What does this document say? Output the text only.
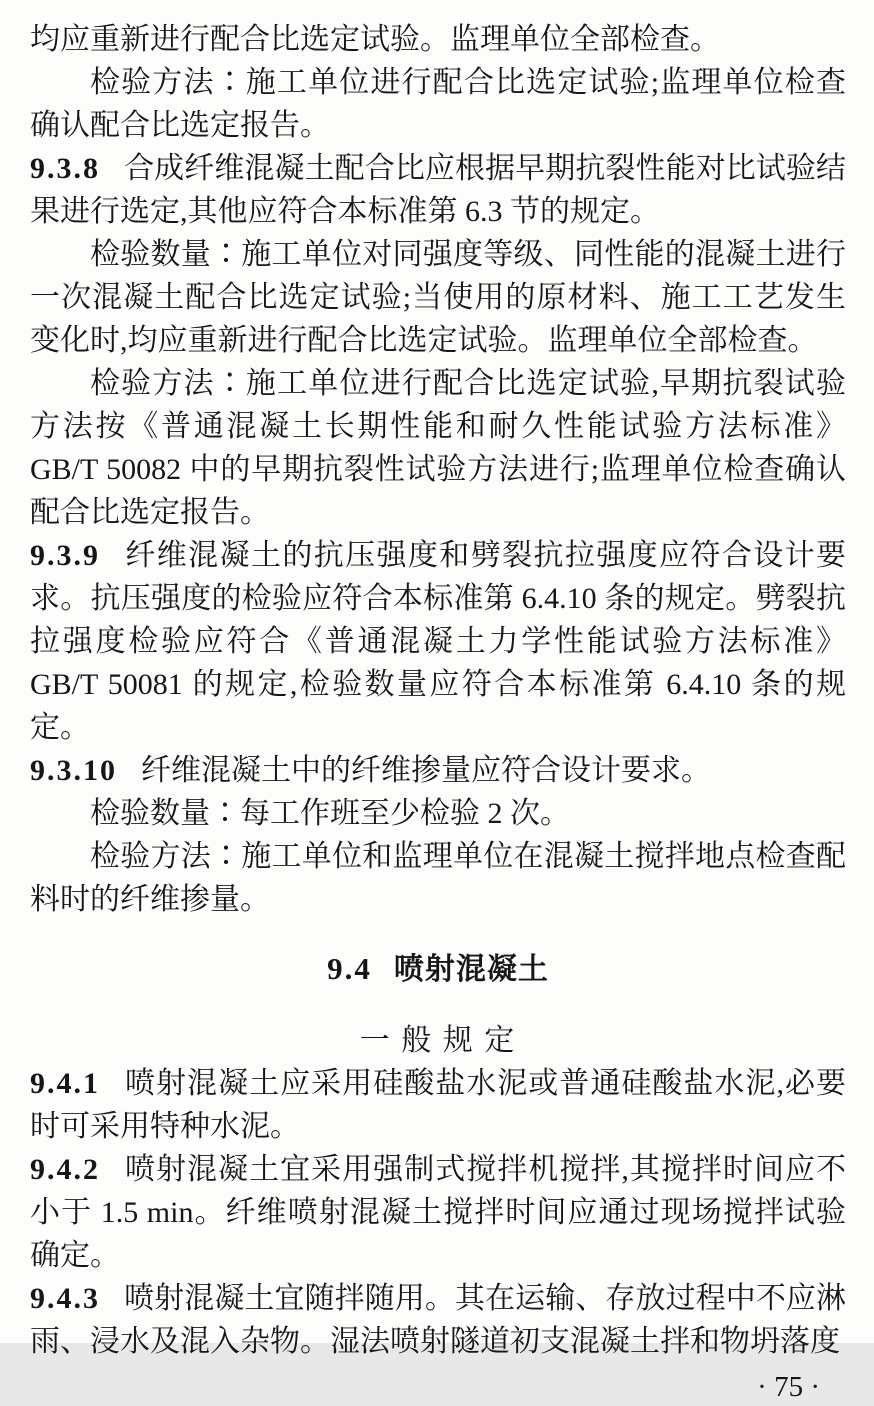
均应重新进行配合比选定试验。监理单位全部检查。

检验方法∶施工单位进行配合比选定试验;监理单位检查确认配合比选定报告。

9.3.8 合成纤维混凝土配合比应根据早期抗裂性能对比试验结果进行选定,其他应符合本标准第 6.3 节的规定。

检验数量∶施工单位对同强度等级、同性能的混凝土进行一次混凝土配合比选定试验;当使用的原材料、施工工艺发生变化时,均应重新进行配合比选定试验。监理单位全部检查。

检验方法∶施工单位进行配合比选定试验,早期抗裂试验方法按《普通混凝土长期性能和耐久性能试验方法标准》GB/T 50082 中的早期抗裂性试验方法进行;监理单位检查确认配合比选定报告。

9.3.9 纤维混凝土的抗压强度和劈裂抗拉强度应符合设计要求。抗压强度的检验应符合本标准第 6.4.10 条的规定。劈裂抗拉强度检验应符合《普通混凝土力学性能试验方法标准》GB/T 50081 的规定,检验数量应符合本标准第 6.4.10 条的规定。

9.3.10 纤维混凝土中的纤维掺量应符合设计要求。

检验数量∶每工作班至少检验 2 次。

检验方法∶施工单位和监理单位在混凝土搅拌地点检查配料时的纤维掺量。

9.4 喷射混凝土
一 般 规 定

9.4.1 喷射混凝土应采用硅酸盐水泥或普通硅酸盐水泥,必要时可采用特种水泥。

9.4.2 喷射混凝土宜采用强制式搅拌机搅拌,其搅拌时间应不小于 1.5 min。纤维喷射混凝土搅拌时间应通过现场搅拌试验确定。

9.4.3 喷射混凝土宜随拌随用。其在运输、存放过程中不应淋雨、浸水及混入杂物。湿法喷射隧道初支混凝土拌和物坍落度

· 75 ·
